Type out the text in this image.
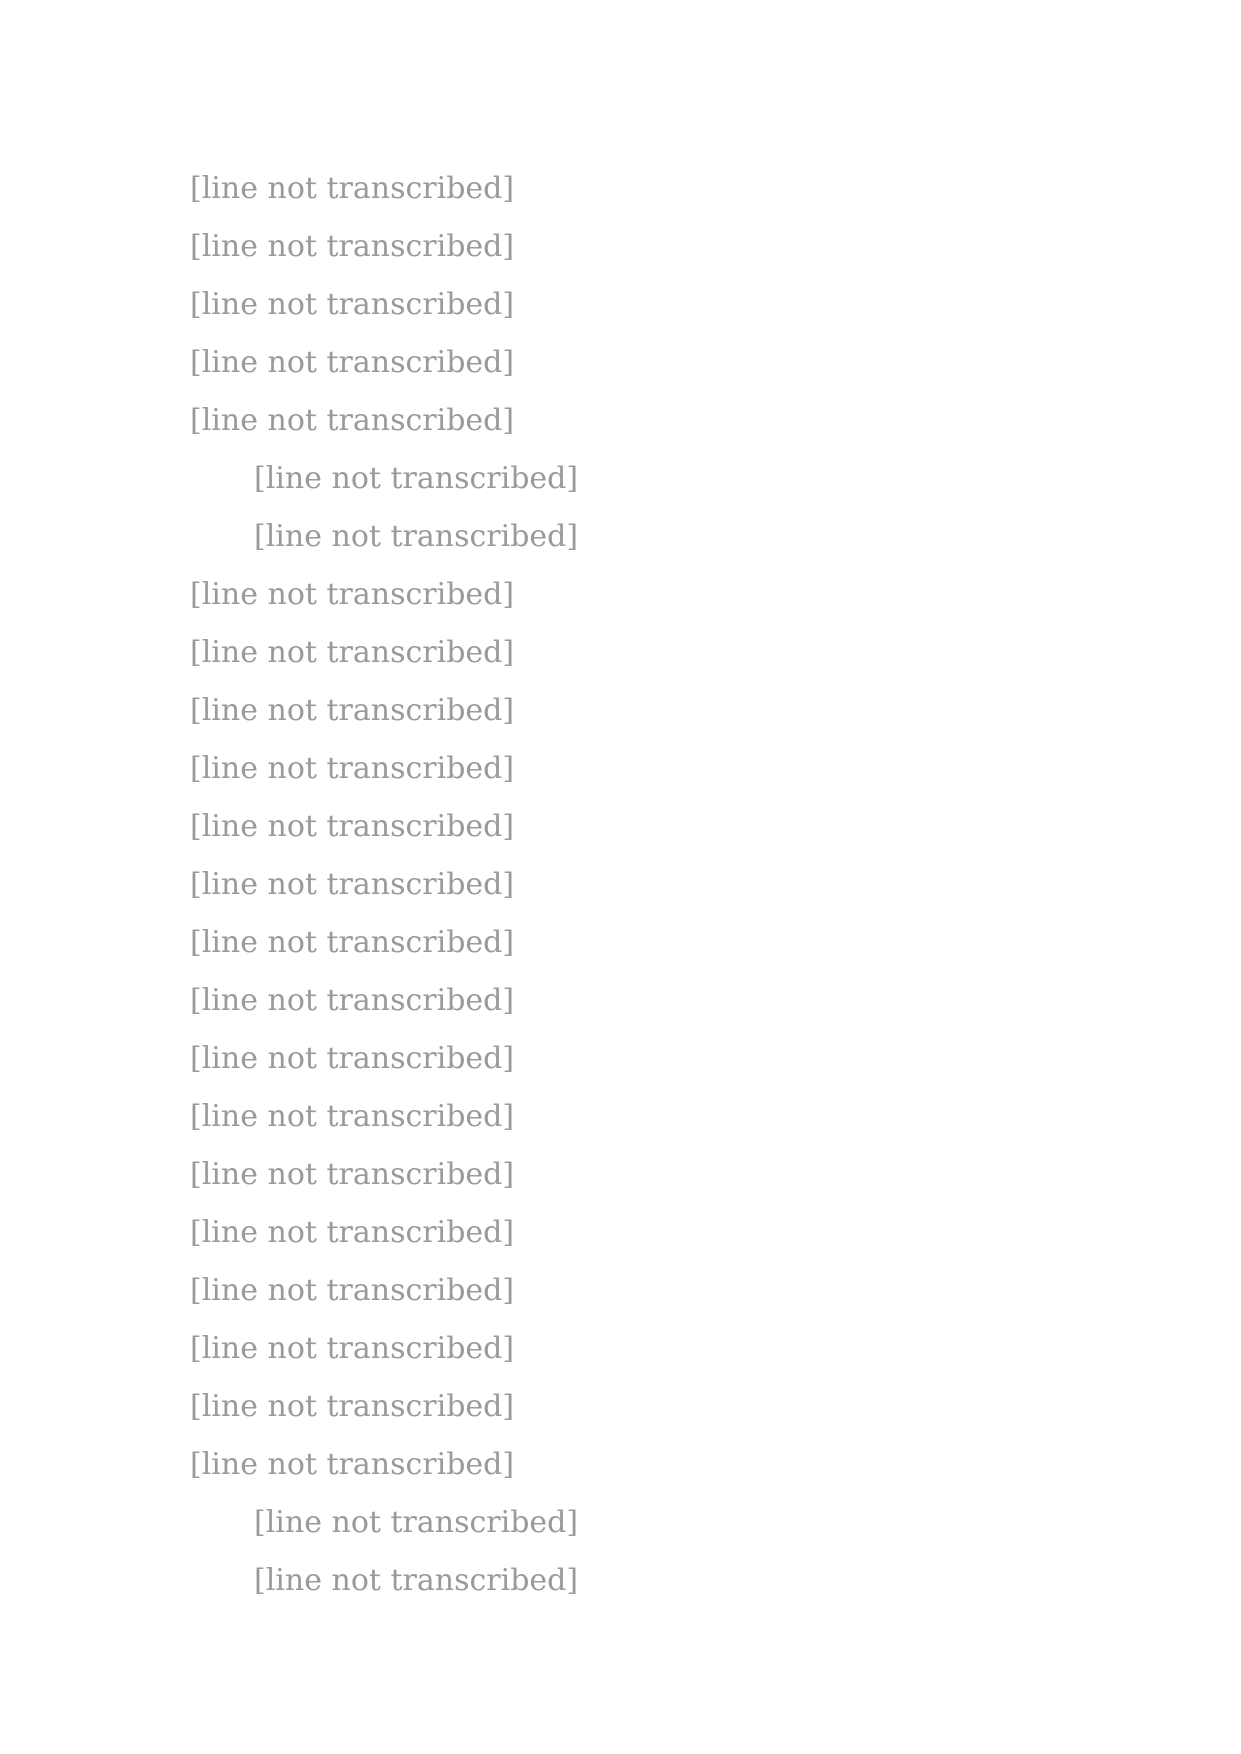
[line not transcribed]
[line not transcribed]
[line not transcribed]
[line not transcribed]
[line not transcribed]
[line not transcribed]
[line not transcribed]
[line not transcribed]
[line not transcribed]
[line not transcribed]
[line not transcribed]
[line not transcribed]
[line not transcribed]
[line not transcribed]
[line not transcribed]
[line not transcribed]
[line not transcribed]
[line not transcribed]
[line not transcribed]
[line not transcribed]
[line not transcribed]
[line not transcribed]
[line not transcribed]
[line not transcribed]
[line not transcribed]
